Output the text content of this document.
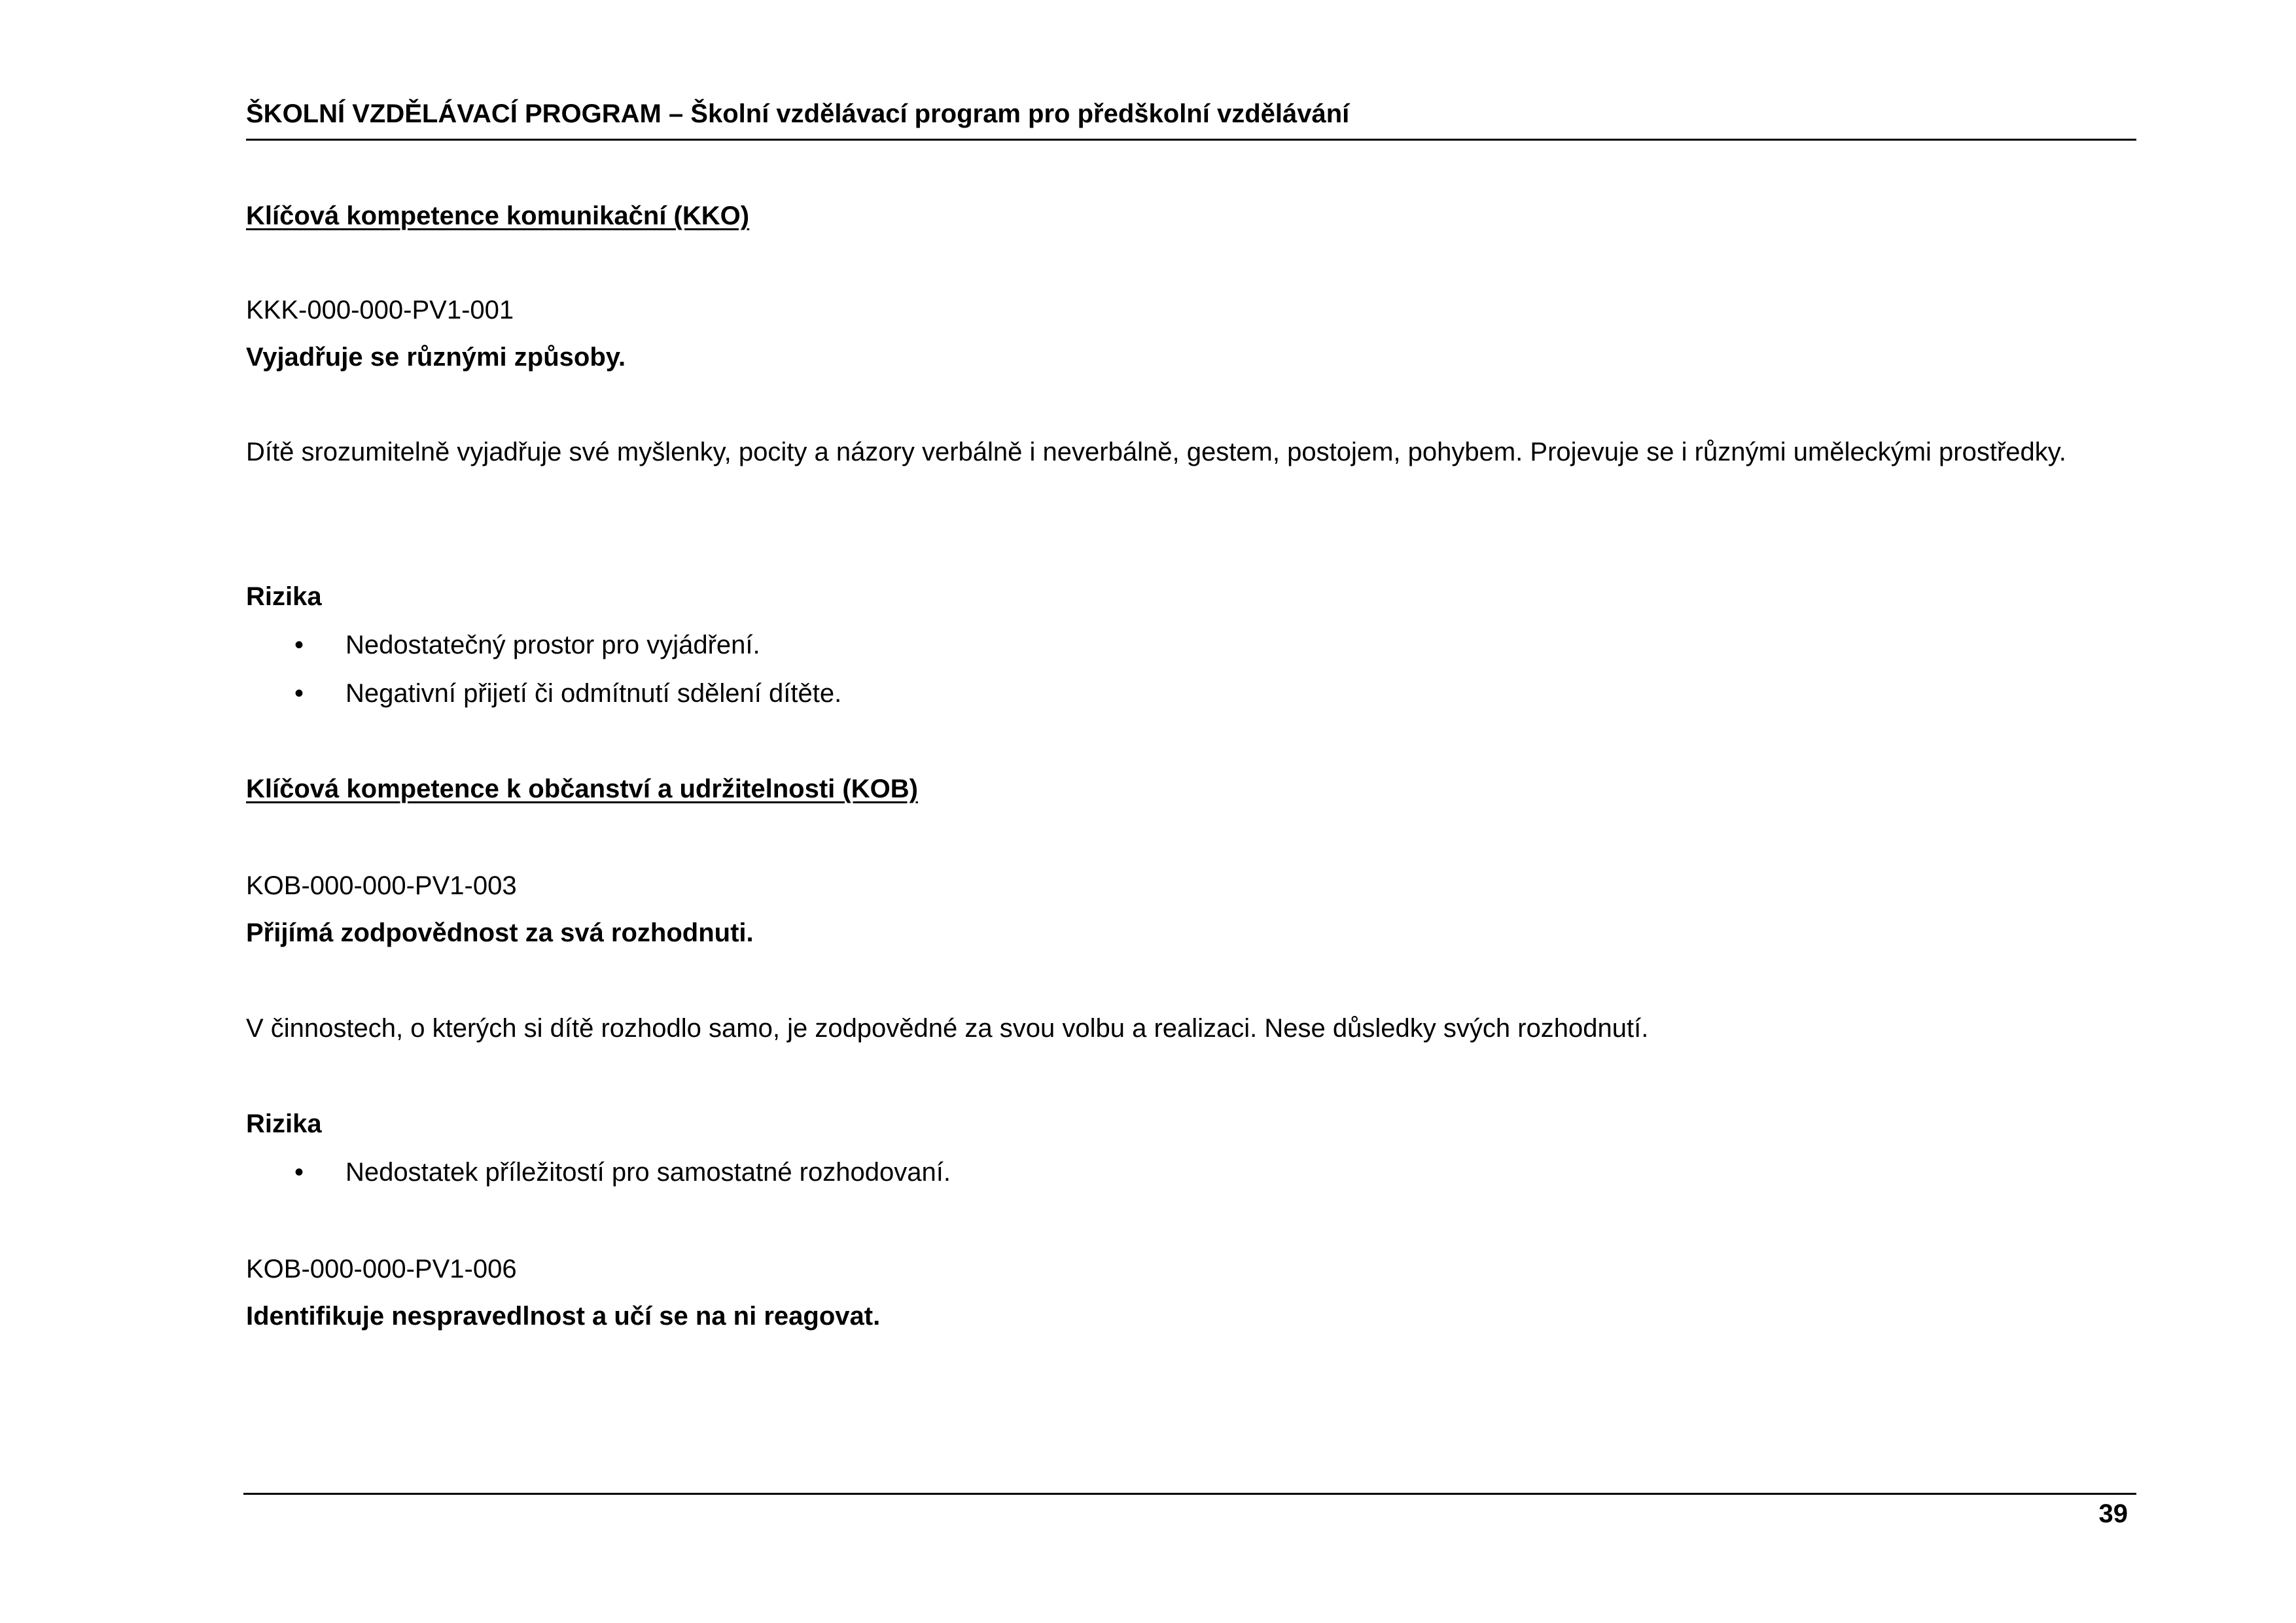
ŠKOLNÍ VZDĚLÁVACÍ PROGRAM – Školní vzdělávací program pro předškolní vzdělávání
Klíčová kompetence komunikační (KKO)
KKK-000-000-PV1-001
Vyjadřuje se různými způsoby.
Dítě srozumitelně vyjadřuje své myšlenky, pocity a názory verbálně i neverbálně, gestem, postojem, pohybem. Projevuje se i různými uměleckými prostředky.
Rizika
• Nedostatečný prostor pro vyjádření.
• Negativní přijetí či odmítnutí sdělení dítěte.
Klíčová kompetence k občanství a udržitelnosti (KOB)
KOB-000-000-PV1-003
Přijímá zodpovědnost za svá rozhodnuti.
V činnostech, o kterých si dítě rozhodlo samo, je zodpovědné za svou volbu a realizaci. Nese důsledky svých rozhodnutí.
Rizika
• Nedostatek příležitostí pro samostatné rozhodovaní.
KOB-000-000-PV1-006
Identifikuje nespravedlnost a učí se na ni reagovat.
39
